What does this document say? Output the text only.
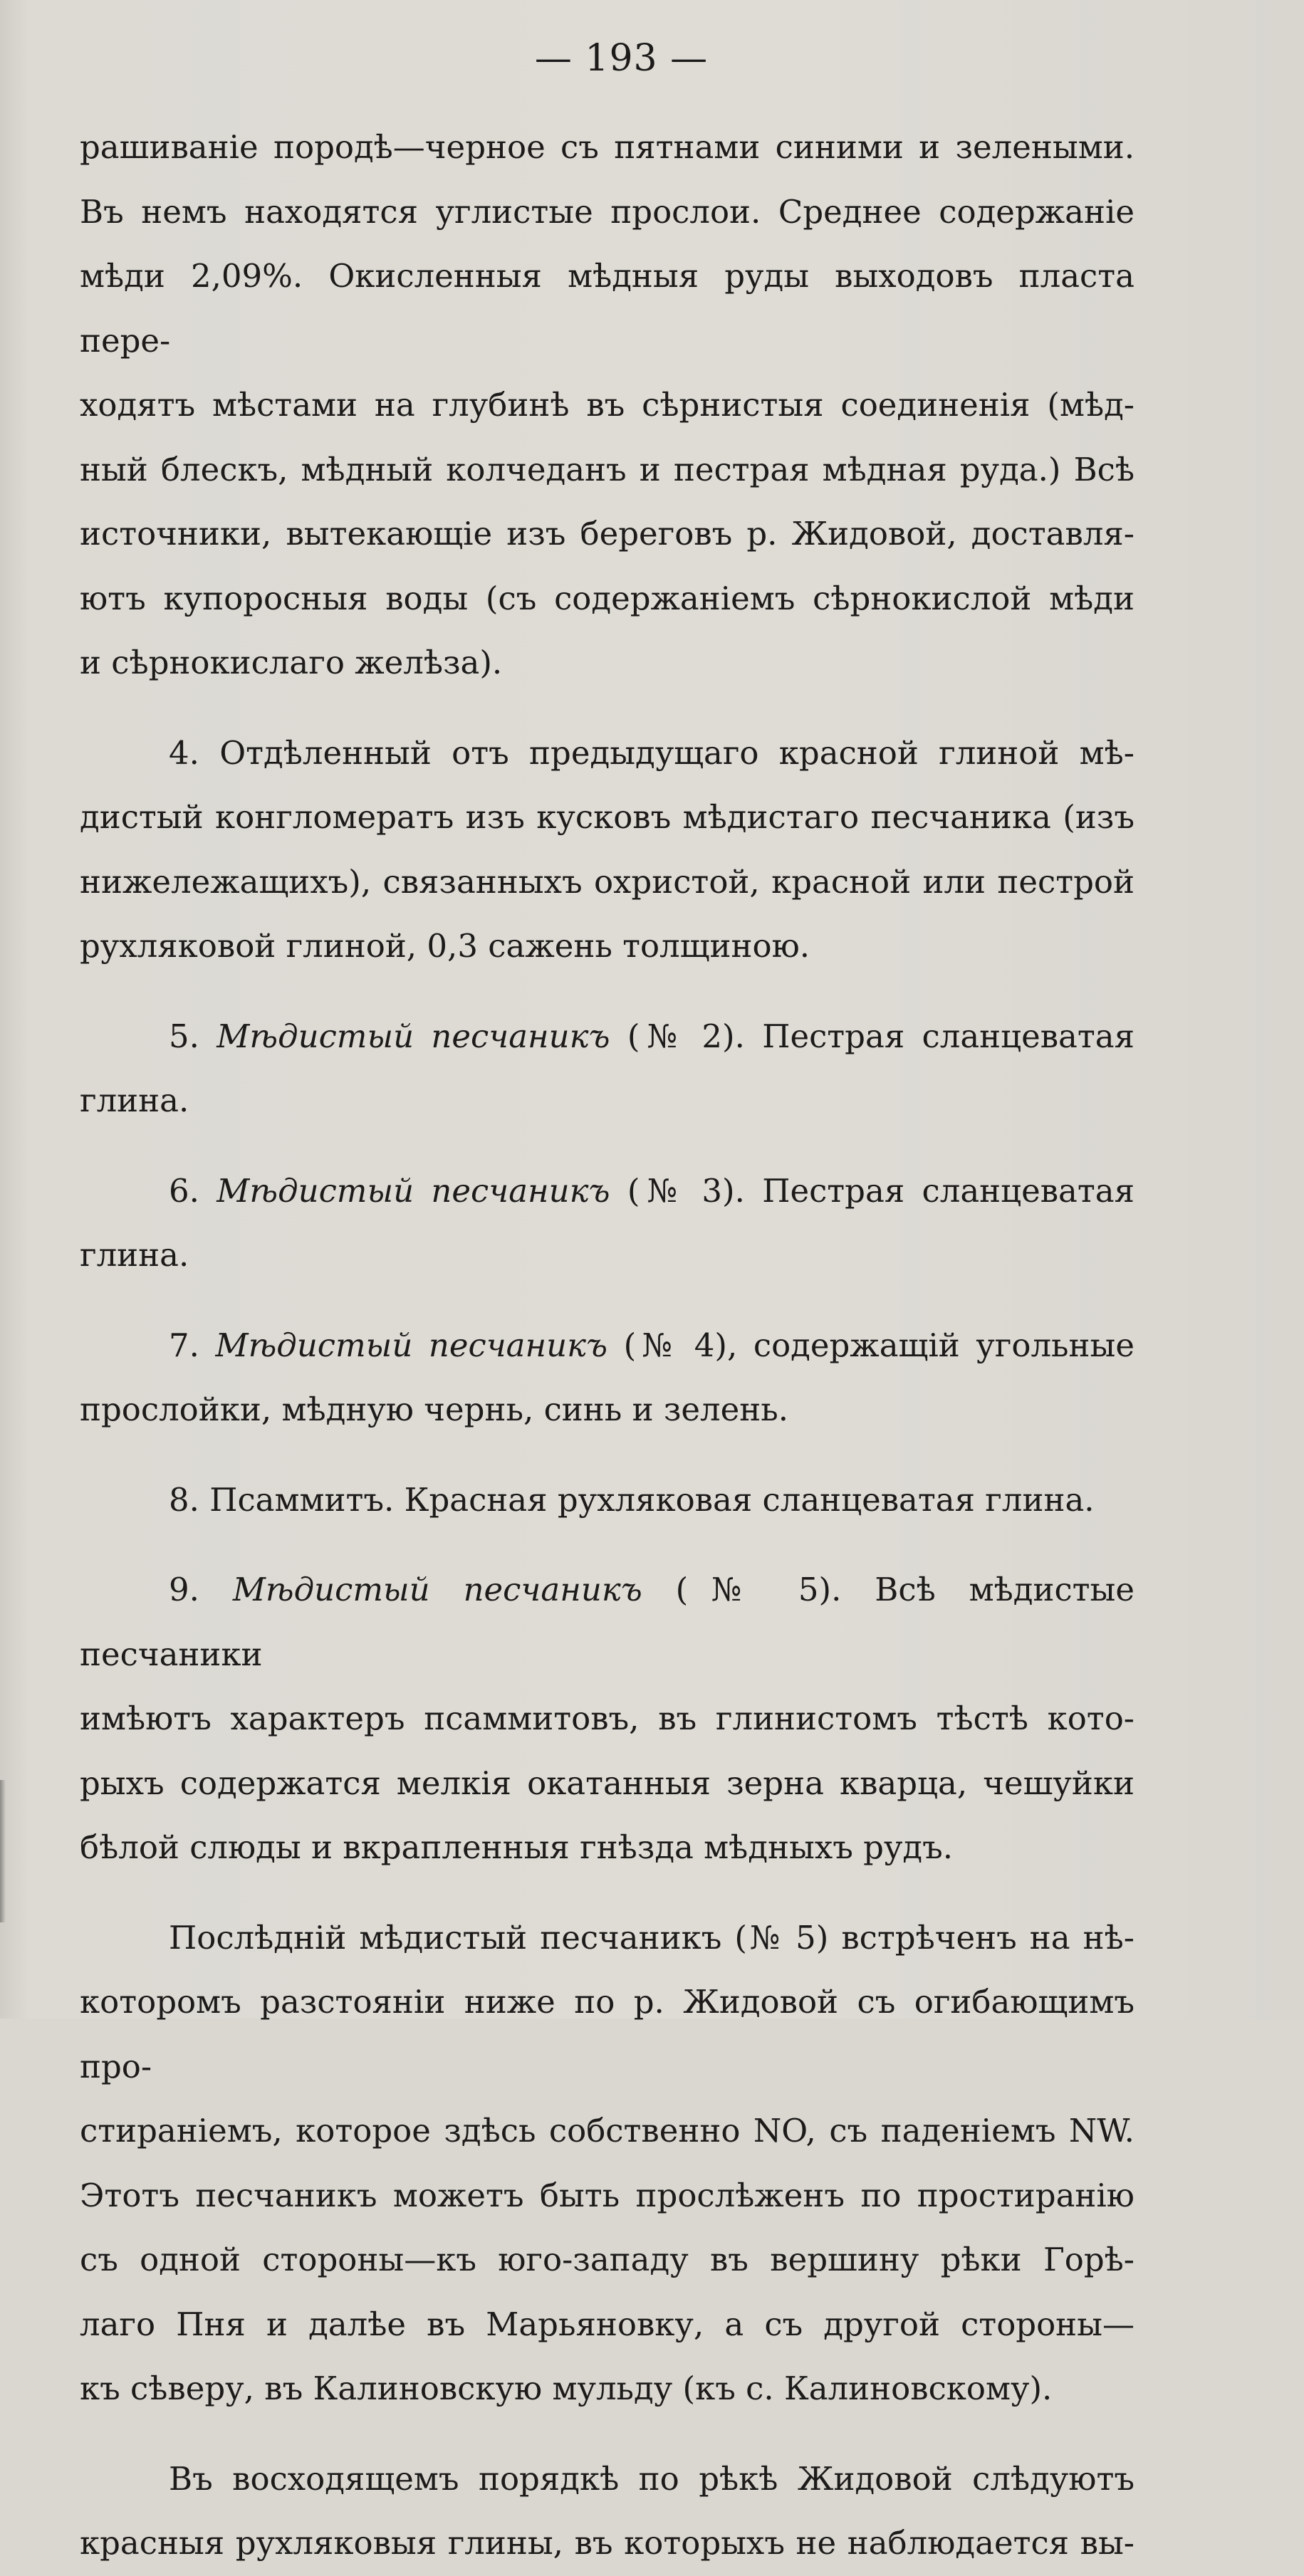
— 193 —
рашиванiе породѣ—черное съ пятнами синими и зелеными.
Въ немъ находятся углистые прослои. Среднее содержанiе
мѣди 2,09%. Окисленныя мѣдныя руды выходовъ пласта пере-
ходятъ мѣстами на глубинѣ въ сѣрнистыя соединенiя (мѣд-
ный блескъ, мѣдный колчеданъ и пестрая мѣдная руда.) Всѣ
источники, вытекающiе изъ береговъ р. Жидовой, доставля-
ютъ купоросныя воды (съ содержанiемъ сѣрнокислой мѣди
и сѣрнокислаго желѣза).
4. Отдѣленный отъ предыдущаго красной глиной мѣ-
дистый конгломератъ изъ кусковъ мѣдистаго песчаника (изъ
нижележащихъ), связанныхъ охристой, красной или пестрой
рухляковой глиной, 0,3 сажень толщиною.
5. Мѣдистый песчаникъ (№ 2). Пестрая сланцеватая
глина.
6. Мѣдистый песчаникъ (№ 3). Пестрая сланцеватая глина.
7. Мѣдистый песчаникъ (№ 4), содержащiй угольные
прослойки, мѣдную чернь, синь и зелень.
8. Псаммитъ. Красная рухляковая сланцеватая глина.
9. Мѣдистый песчаникъ (№ 5). Всѣ мѣдистые песчаники
имѣютъ характеръ псаммитовъ, въ глинистомъ тѣстѣ кото-
рыхъ содержатся мелкiя окатанныя зерна кварца, чешуйки
бѣлой слюды и вкрапленныя гнѣзда мѣдныхъ рудъ.
Послѣднiй мѣдистый песчаникъ (№ 5) встрѣченъ на нѣ-
которомъ разстоянiи ниже по р. Жидовой съ огибающимъ про-
стиранiемъ, которое здѣсь собственно NO, съ паденiемъ NW.
Этотъ песчаникъ можетъ быть прослѣженъ по простиранiю
съ одной стороны—къ юго-западу въ вершину рѣки Горѣ-
лаго Пня и далѣе въ Марьяновку, а съ другой стороны—
къ сѣверу, въ Калиновскую мульду (къ с. Калиновскому).
Въ восходящемъ порядкѣ по рѣкѣ Жидовой слѣдуютъ
красныя рухляковыя глины, въ которыхъ не наблюдается вы-
